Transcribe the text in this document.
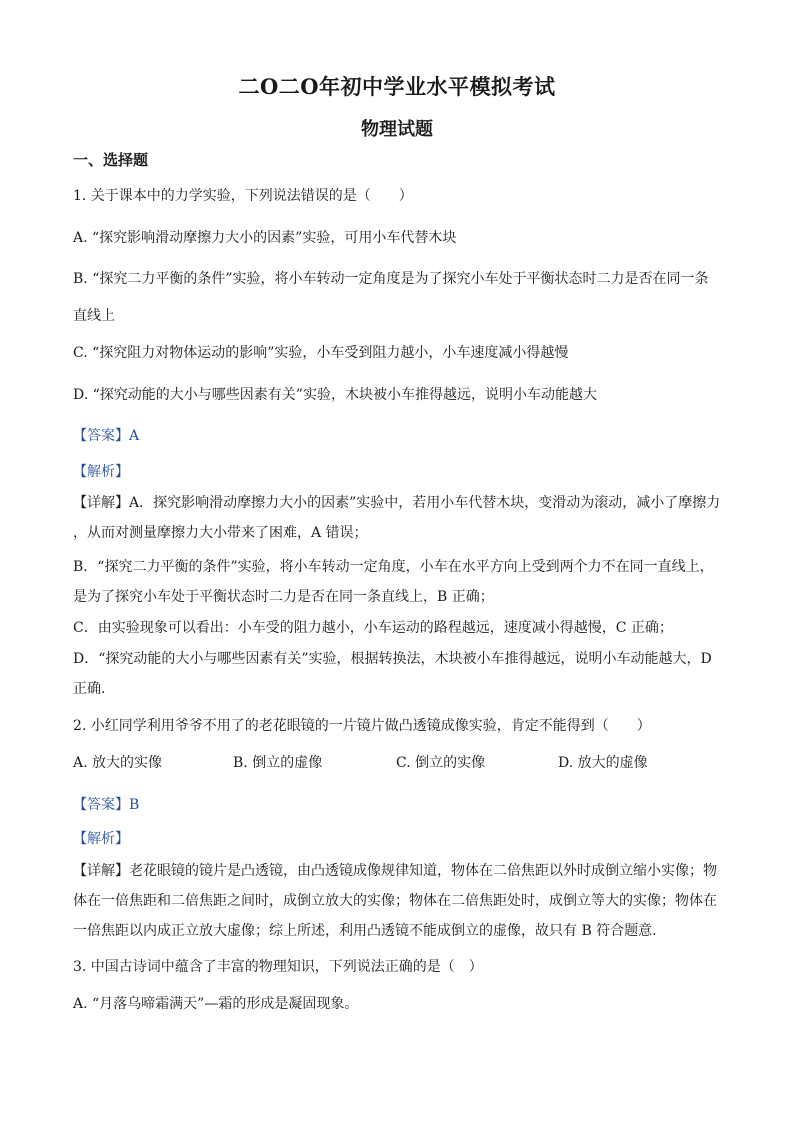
二O二O年初中学业水平模拟考试
物理试题
一、选择题
1. 关于课本中的力学实验，下列说法错误的是（　　）
A. “探究影响滑动摩擦力大小的因素”实验，可用小车代替木块
B. “探究二力平衡的条件”实验，将小车转动一定角度是为了探究小车处于平衡状态时二力是否在同一条
直线上
C. “探究阻力对物体运动的影响”实验，小车受到阻力越小，小车速度减小得越慢
D. “探究动能的大小与哪些因素有关”实验，木块被小车推得越远，说明小车动能越大
【答案】A
【解析】
【详解】A．探究影响滑动摩擦力大小的因素”实验中，若用小车代替木块，变滑动为滚动，减小了摩擦力
，从而对测量摩擦力大小带来了困难，A 错误；
B．“探究二力平衡的条件”实验，将小车转动一定角度，小车在水平方向上受到两个力不在同一直线上，
是为了探究小车处于平衡状态时二力是否在同一条直线上，B 正确；
C．由实验现象可以看出：小车受的阻力越小，小车运动的路程越远，速度减小得越慢，C 正确；
D．“探究动能的大小与哪些因素有关”实验，根据转换法，木块被小车推得越远，说明小车动能越大，D
正确．
2. 小红同学利用爷爷不用了的老花眼镜的一片镜片做凸透镜成像实验，肯定不能得到（　　）
A. 放大的实像	B. 倒立的虚像	C. 倒立的实像	D. 放大的虚像
【答案】B
【解析】
【详解】老花眼镜的镜片是凸透镜，由凸透镜成像规律知道，物体在二倍焦距以外时成倒立缩小实像；物
体在一倍焦距和二倍焦距之间时，成倒立放大的实像；物体在二倍焦距处时，成倒立等大的实像；物体在
一倍焦距以内成正立放大虚像；综上所述，利用凸透镜不能成倒立的虚像，故只有 B 符合题意．
3. 中国古诗词中蕴含了丰富的物理知识，下列说法正确的是（　）
A. “月落乌啼霜满天”—霜的形成是凝固现象。
